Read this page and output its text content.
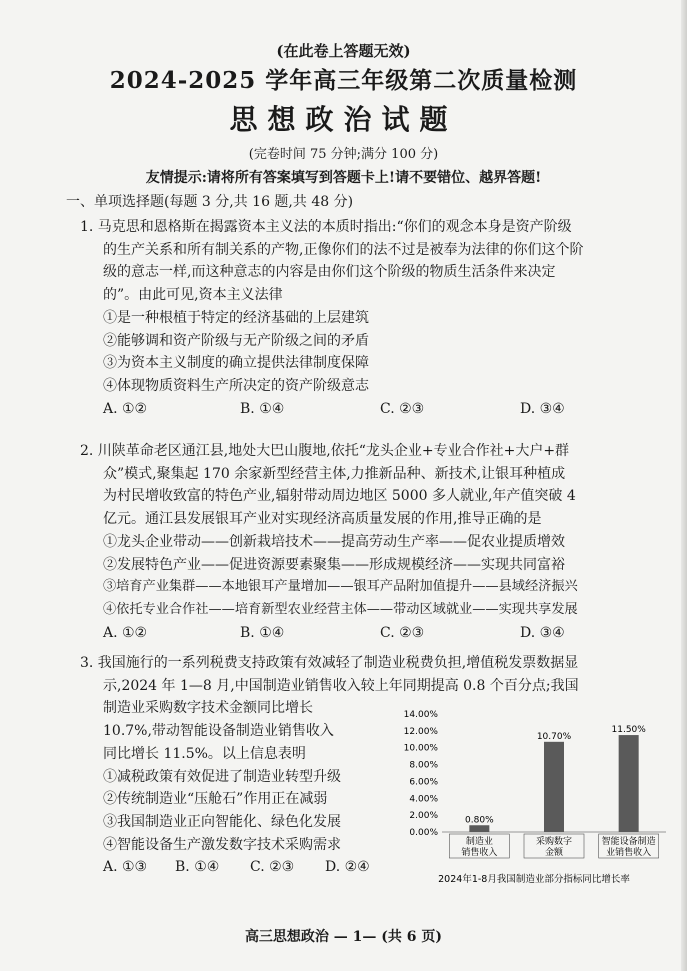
(在此卷上答题无效)
2024-2025 学年高三年级第二次质量检测
思想政治试题
(完卷时间 75 分钟;满分 100 分)
友情提示:请将所有答案填写到答题卡上!请不要错位、越界答题!
一、单项选择题(每题 3 分,共 16 题,共 48 分)
1. 马克思和恩格斯在揭露资本主义法的本质时指出:“你们的观念本身是资产阶级
的生产关系和所有制关系的产物,正像你们的法不过是被奉为法律的你们这个阶
级的意志一样,而这种意志的内容是由你们这个阶级的物质生活条件来决定
的”。由此可见,资本主义法律
①是一种根植于特定的经济基础的上层建筑
②能够调和资产阶级与无产阶级之间的矛盾
③为资本主义制度的确立提供法律制度保障
④体现物质资料生产所决定的资产阶级意志
A. ①②	B. ①④	C. ②③	D. ③④
2. 川陕革命老区通江县,地处大巴山腹地,依托“龙头企业+专业合作社+大户+群
众”模式,聚集起 170 余家新型经营主体,力推新品种、新技术,让银耳种植成
为村民增收致富的特色产业,辐射带动周边地区 5000 多人就业,年产值突破 4
亿元。通江县发展银耳产业对实现经济高质量发展的作用,推导正确的是
①龙头企业带动——创新栽培技术——提高劳动生产率——促农业提质增效
②发展特色产业——促进资源要素聚集——形成规模经济——实现共同富裕
③培育产业集群——本地银耳产量增加——银耳产品附加值提升——县域经济振兴
④依托专业合作社——培育新型农业经营主体——带动区域就业——实现共享发展
A. ①②	B. ①④	C. ②③	D. ③④
3. 我国施行的一系列税费支持政策有效减轻了制造业税费负担,增值税发票数据显
示,2024 年 1—8 月,中国制造业销售收入较上年同期提高 0.8 个百分点;我国
制造业采购数字技术金额同比增长
10.7%,带动智能设备制造业销售收入
同比增长 11.5%。以上信息表明
①减税政策有效促进了制造业转型升级
②传统制造业“压舱石”作用正在减弱
③我国制造业正向智能化、绿色化发展
④智能设备生产激发数字技术采购需求
A. ①③ B. ①④ C. ②③ D. ②④
0.00%
2.00%
4.00%
6.00%
8.00%
10.00%
12.00%
14.00%
0.80%
制造业
销售收入
10.70%
采购数字
金额
11.50%
智能设备制造
业销售收入
2024年1-8月我国制造业部分指标同比增长率
高三思想政治 — 1— (共 6 页)
